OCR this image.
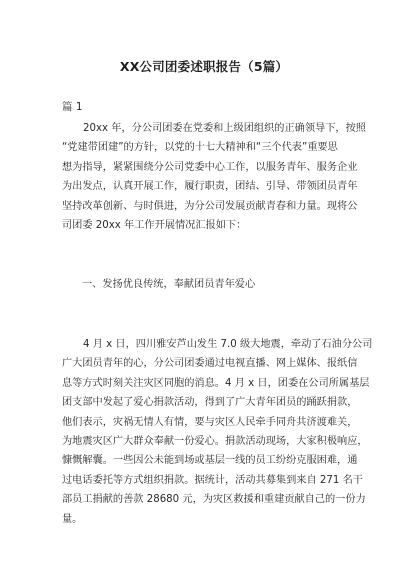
XX公司团委述职报告（5篇）
篇 1
20xx 年，分公司团委在党委和上级团组织的正确领导下，按照
“党建带团建”的方针，以党的十七大精神和“三个代表”重要思
想为指导，紧紧围绕分公司党委中心工作，以服务青年、服务企业
为出发点，认真开展工作，履行职责，团结、引导、带领团员青年
坚持改革创新、与时俱进，为分公司发展贡献青春和力量。现将公
司团委 20xx 年工作开展情况汇报如下：
一、发扬优良传统，奉献团员青年爱心
4 月 x 日，四川雅安芦山发生 7.0 级大地震，牵动了石油分公司
广大团员青年的心，分公司团委通过电视直播、网上媒体、报纸信
息等方式时刻关注灾区同胞的消息。4 月 x 日，团委在公司所属基层
团支部中发起了爱心捐款活动，得到了广大青年团员的踊跃捐款，
他们表示，灾祸无情人有情，要与灾区人民牵手同舟共济渡难关，
为地震灾区广大群众奉献一份爱心。捐款活动现场，大家积极响应，
慷慨解囊。一些因公未能到场或基层一线的员工纷纷克服困难，通
过电话委托等方式组织捐款。据统计，活动共募集到来自 271 名干
部员工捐献的善款 28680 元，为灾区救援和重建贡献自己的一份力
量。
